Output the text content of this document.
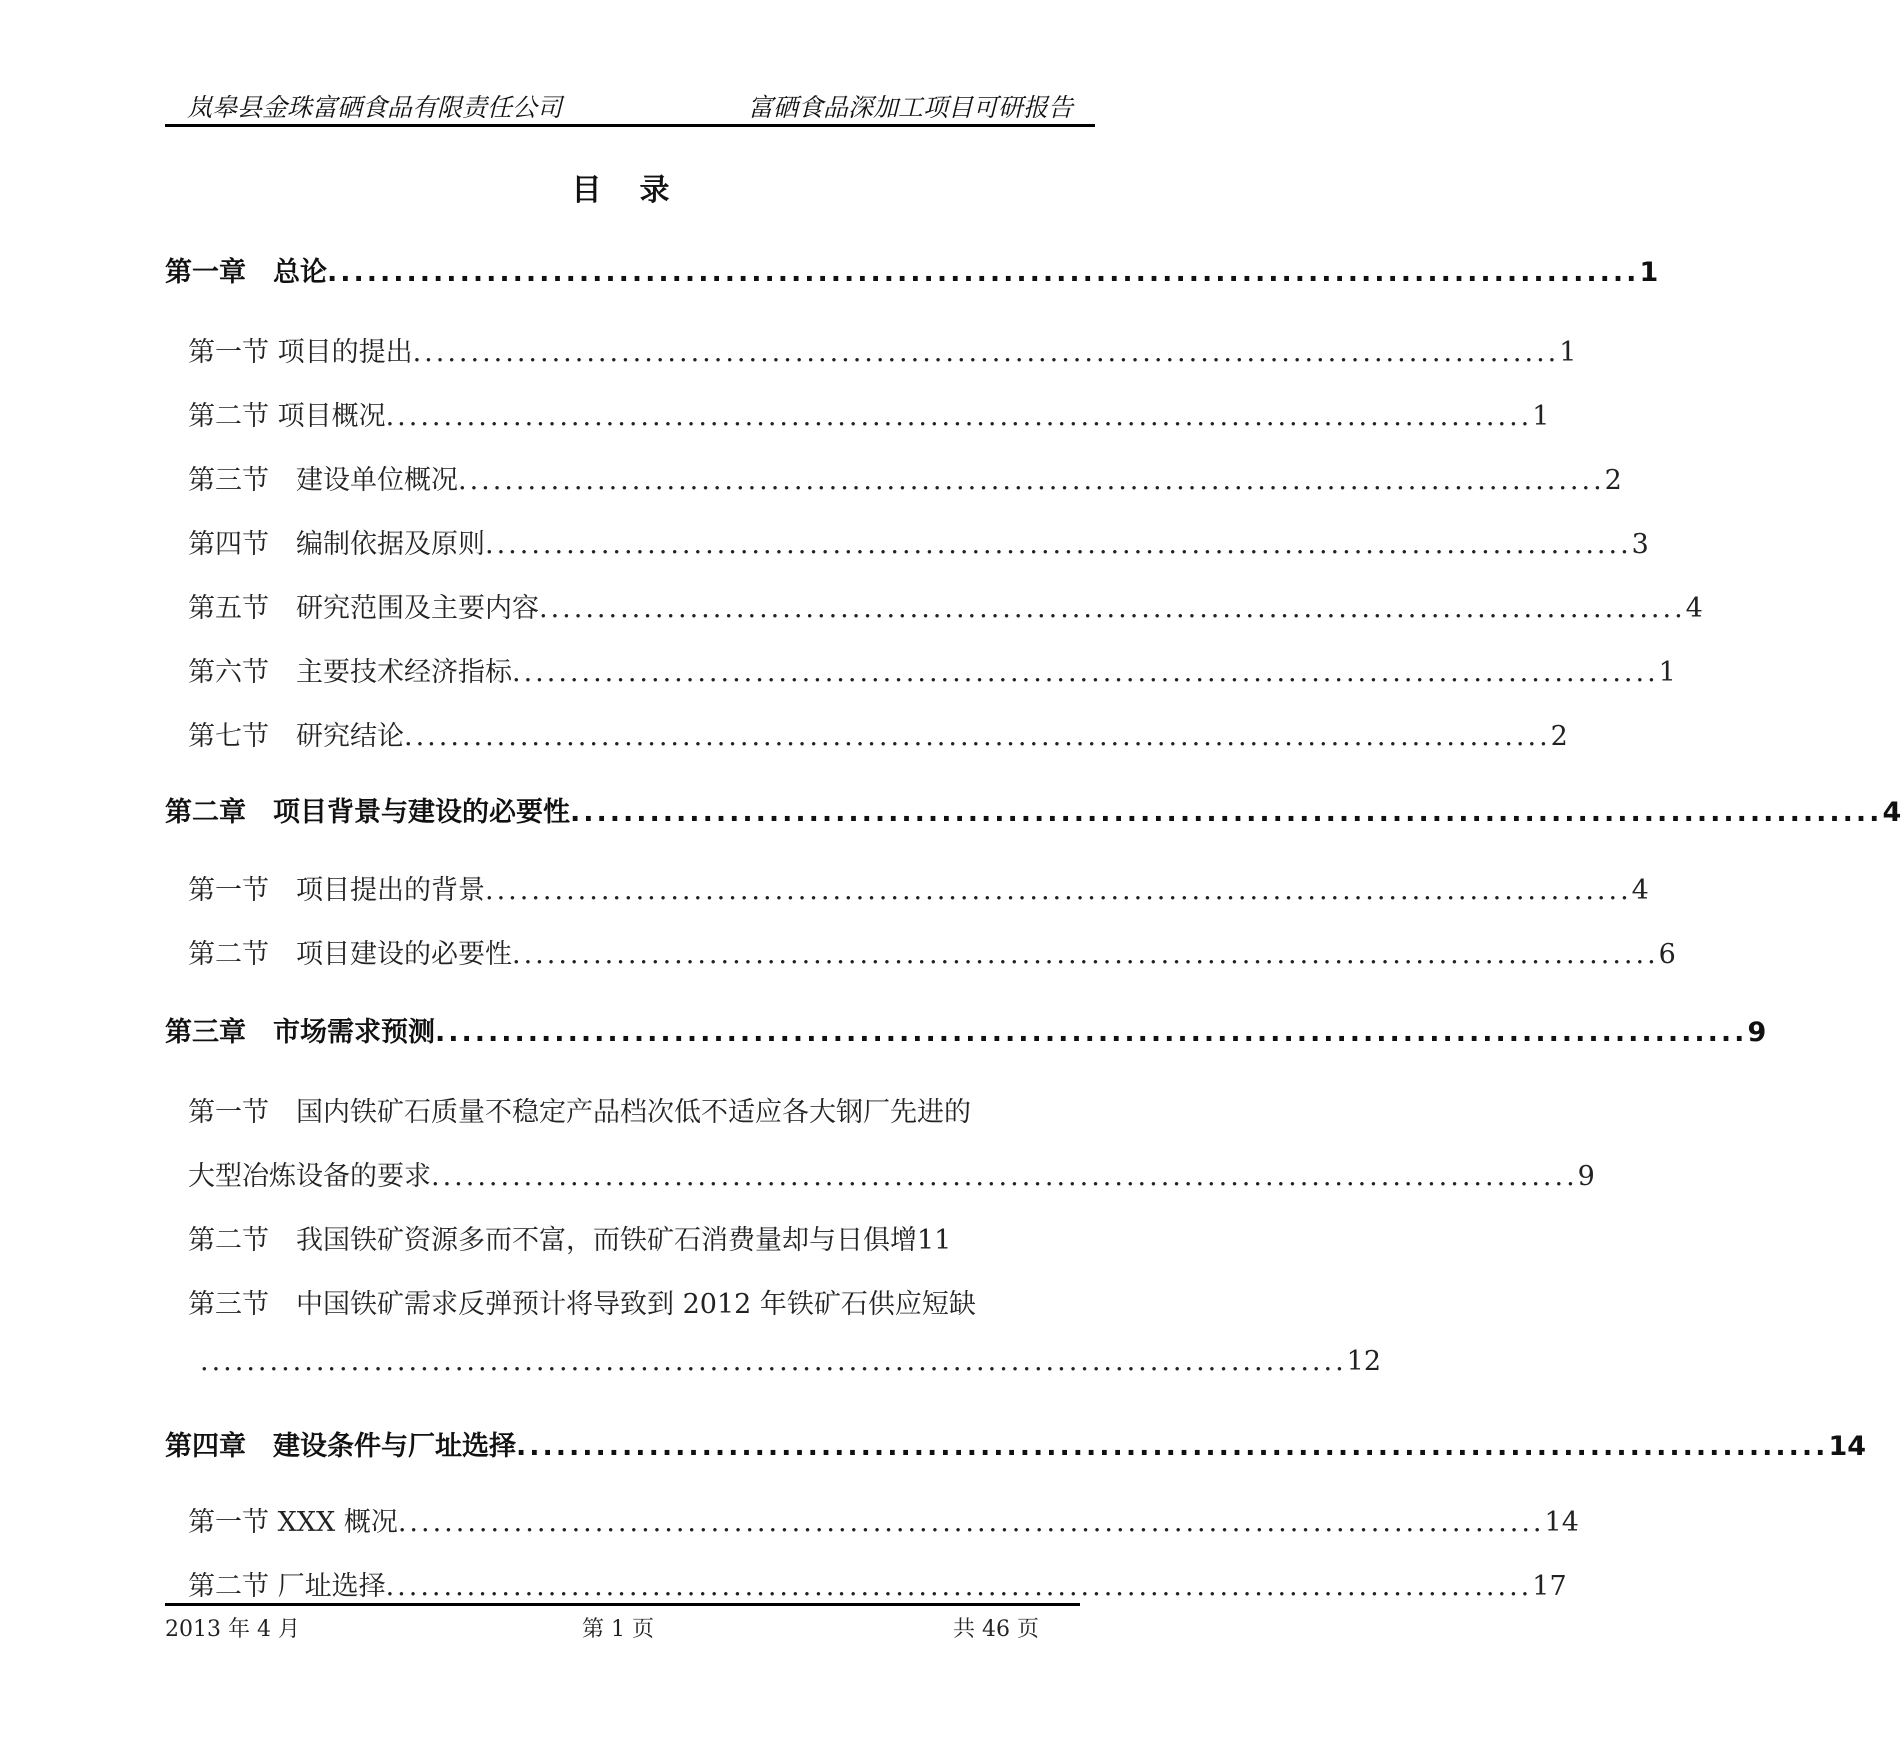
岚皋县金珠富硒食品有限责任公司	富硒食品深加工项目可研报告
目录
第一章　总论 ................................................................................................... 1
第一节 项目的提出 ................................................................................................... 1
第二节 项目概况 ................................................................................................... 1
第三节　建设单位概况 ................................................................................................... 2
第四节　编制依据及原则 ................................................................................................... 3
第五节　研究范围及主要内容 ................................................................................................... 4
第六节　主要技术经济指标 ................................................................................................... 1
第七节　研究结论 ................................................................................................... 2
第二章　项目背景与建设的必要性 ................................................................................................... 4
第一节　项目提出的背景 ................................................................................................... 4
第二节　项目建设的必要性 ................................................................................................... 6
第三章　市场需求预测 ................................................................................................... 9
第一节　国内铁矿石质量不稳定产品档次低不适应各大钢厂先进的
大型冶炼设备的要求 ................................................................................................... 9
第二节　我国铁矿资源多而不富，而铁矿石消费量却与日俱增11
第三节　中国铁矿需求反弹预计将导致到 2012 年铁矿石供应短缺
................................................................................................... 12
第四章　建设条件与厂址选择 ................................................................................................... 14
第一节 XXX 概况 ................................................................................................... 14
第二节 厂址选择 ................................................................................................... 17
2013 年 4 月	第 1 页	共 46 页
